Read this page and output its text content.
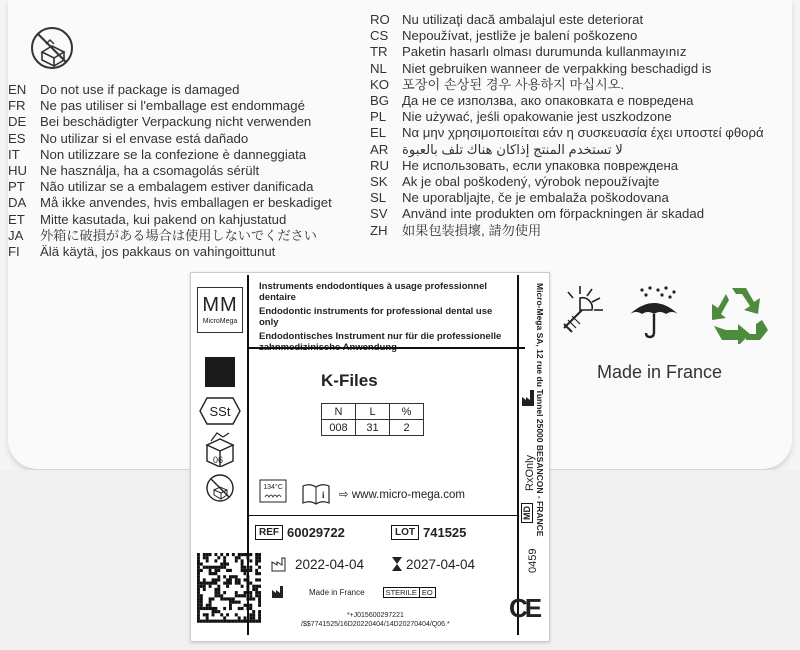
EN	Do not use if package is damaged
FR	Ne pas utiliser si l'emballage est endommagé
DE	Bei beschädigter Verpackung nicht verwenden
ES	No utilizar si el envase está dañado
IT	Non utilizzare se la confezione è danneggiata
HU Ne használja, ha a csomagolás sérült
PT	Não utilizar se a embalagem estiver danificada
DA	Må ikke anvendes, hvis emballagen er beskadiget
ET	Mitte kasutada, kui pakend on kahjustatud
JA	外箱に破損がある場合は使用しないでください
FI	Älä käytä, jos pakkaus on vahingoittunut
RO Nu utilizaţi dacă ambalajul este deteriorat
CS	Nepoužívat, jestliže je balení poškozeno
TR	Paketin hasarlı olması durumunda kullanmayınız
NL	Niet gebruiken wanneer de verpakking beschadigd is
KO 포장이 손상된 경우 사용하지 마십시오.
BG Да не се използва, ако опаковката е повредена
PL	Nie używać, jeśli opakowanie jest uszkodzone
EL	Να μην χρησιμοποιείται εάν η συσκευασία έχει υποστεί φθορά
AR	لا تستخدم المنتج إذاكان هناك تلف بالعبوة
RU Не использовать, если упаковка повреждена
SK	Ak je obal poškodený, výrobok nepoužívajte
SL	Ne uporabljajte, če je embalaža poškodovana
SV	Använd inte produkten om förpackningen är skadad
ZH	如果包装損壞, 請勿使用
Made in France
MM
MicroMega

Instruments endodontiques à usage professionnel dentaire

Endodontic instruments for professional dental use only

Endodontisches Instrument nur für die professionelle

SSt
06
K-Files
N	L	%
008	31	2
134°C
i ⇨ www.micro-mega.com
REF 60029722	LOT 741525
2022-04-04	2027-04-04
Made in France	STERILE EO
*+J015600297221
/$$7741525/16D20220404/14D20270404/Q06.*
Micro-Mega SA, 12 rue du Tunnel 25000 BESANCON - FRANCE
RxOnly
MD
0459
CE
